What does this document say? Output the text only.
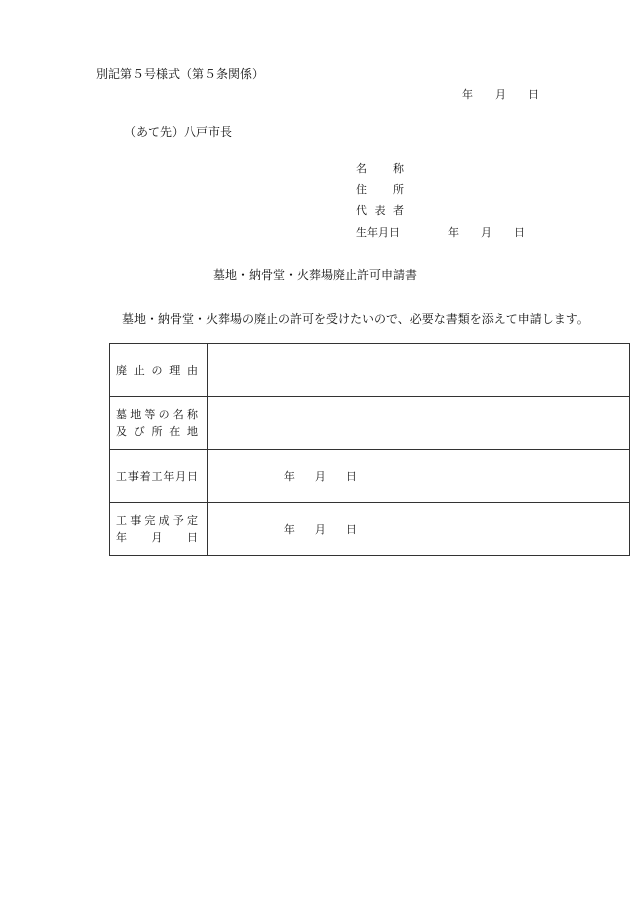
別記第５号様式（第５条関係）
年 月 日
（あて先）八戸市長
名　称
住　所
代表者
生年月日	年 月 日
墓地・納骨堂・火葬場廃止許可申請書
墓地・納骨堂・火葬場の廃止の許可を受けたいので、必要な書類を添えて申請します。
廃止の理由	

墓地等の名称
及び所在地	

工事着工年月日	年 月 日

工事完成予定
年　月　日	年 月 日
